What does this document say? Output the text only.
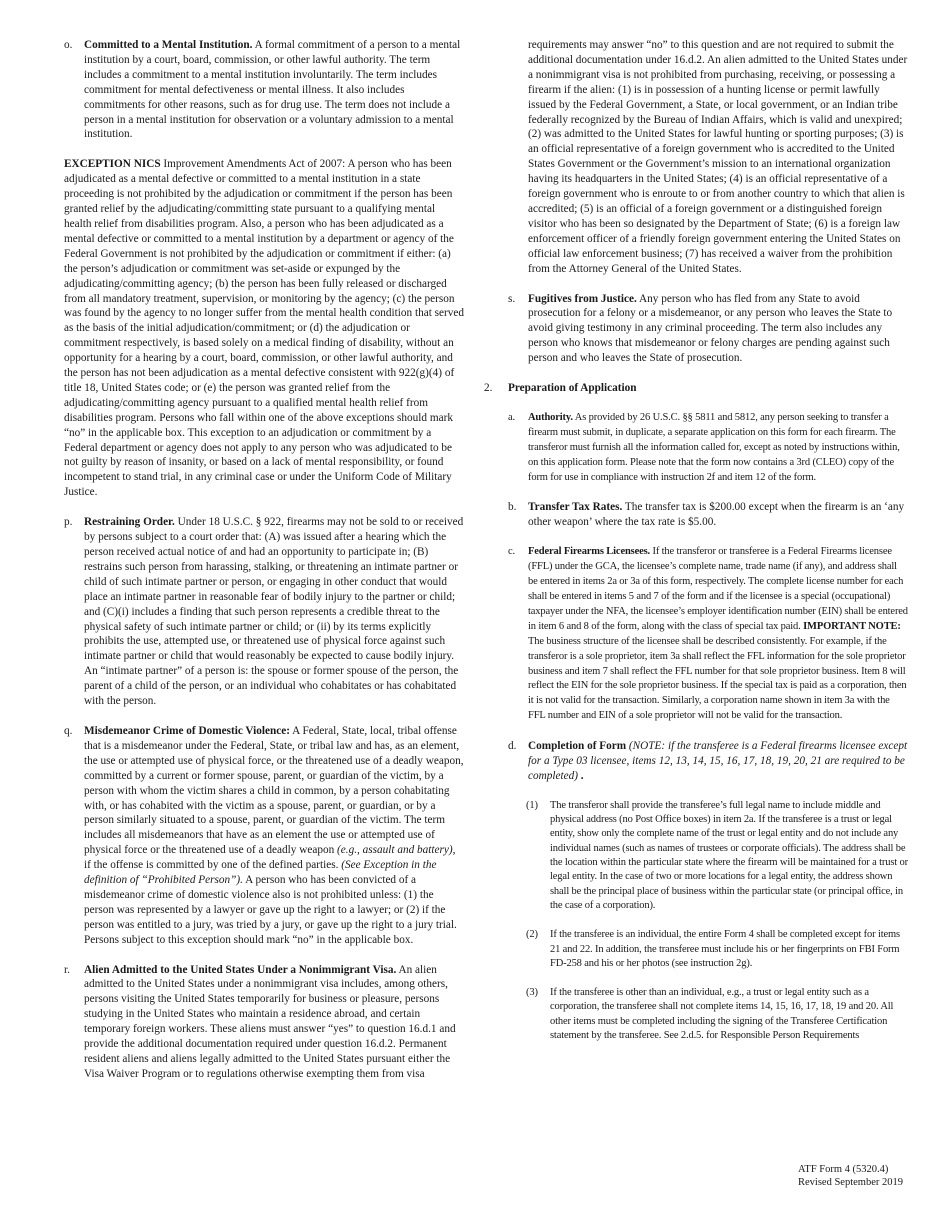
o. Committed to a Mental Institution. A formal commitment of a person to a mental institution by a court, board, commission, or other lawful authority. The term includes a commitment to a mental institution involuntarily. The term includes commitment for mental defectiveness or mental illness. It also includes commitments for other reasons, such as for drug use. The term does not include a person in a mental institution for observation or a voluntary admission to a mental institution.

EXCEPTION NICS Improvement Amendments Act of 2007: A person who has been adjudicated as a mental defective or committed to a mental institution in a state proceeding is not prohibited by the adjudication or commitment if the person has been granted relief by the adjudicating/committing state pursuant to a qualifying mental health relief from disabilities program. Also, a person who has been adjudicated as a mental defective or committed to a mental institution by a department or agency of the Federal Government is not prohibited by the adjudication or commitment if either: (a) the person’s adjudication or commitment was set-aside or expunged by the adjudicating/committing agency; (b) the person has been fully released or discharged from all mandatory treatment, supervision, or monitoring by the agency; (c) the person was found by the agency to no longer suffer from the mental health condition that served as the basis of the initial adjudication/commitment; or (d) the adjudication or commitment respectively, is based solely on a medical finding of disability, without an opportunity for a hearing by a court, board, commission, or other lawful authority, and the person has not been adjudication as a mental defective consistent with 922(g)(4) of title 18, United States code; or (e) the person was granted relief from the adjudicating/committing agency pursuant to a qualified mental health relief from disabilities program. Persons who fall within one of the above exceptions should mark “no” in the applicable box. This exception to an adjudication or commitment by a Federal department or agency does not apply to any person who was adjudicated to be not guilty by reason of insanity, or based on a lack of mental responsibility, or found incompetent to stand trial, in any criminal case or under the Uniform Code of Military Justice.

p. Restraining Order. Under 18 U.S.C. § 922, firearms may not be sold to or received by persons subject to a court order that: (A) was issued after a hearing which the person received actual notice of and had an opportunity to participate in; (B) restrains such person from harassing, stalking, or threatening an intimate partner or child of such intimate partner or person, or engaging in other conduct that would place an intimate partner in reasonable fear of bodily injury to the partner or child; and (C)(i) includes a finding that such person represents a credible threat to the physical safety of such intimate partner or child; or (ii) by its terms explicitly prohibits the use, attempted use, or threatened use of physical force against such intimate partner or child that would reasonably be expected to cause bodily injury. An “intimate partner” of a person is: the spouse or former spouse of the person, the parent of a child of the person, or an individual who cohabitates or has cohabitated with the person.

q. Misdemeanor Crime of Domestic Violence: A Federal, State, local, tribal offense that is a misdemeanor under the Federal, State, or tribal law and has, as an element, the use or attempted use of physical force, or the threatened use of a deadly weapon, committed by a current or former spouse, parent, or guardian of the victim, by a person with whom the victim shares a child in common, by a person cohabitating with, or has cohabited with the victim as a spouse, parent, or guardian, or by a person similarly situated to a spouse, parent, or guardian of the victim. The term includes all misdemeanors that have as an element the use or attempted use of physical force or the threatened use of a deadly weapon (e.g., assault and battery), if the offense is committed by one of the defined parties. (See Exception in the definition of “Prohibited Person”). A person who has been convicted of a misdemeanor crime of domestic violence also is not prohibited unless: (1) the person was represented by a lawyer or gave up the right to a lawyer; or (2) if the person was entitled to a jury, was tried by a jury, or gave up the right to a jury trial. Persons subject to this exception should mark “no” in the applicable box.

r. Alien Admitted to the United States Under a Nonimmigrant Visa. An alien admitted to the United States under a nonimmigrant visa includes, among others, persons visiting the United States temporarily for business or pleasure, persons studying in the United States who maintain a residence abroad, and certain temporary foreign workers. These aliens must answer “yes” to question 16.d.1 and provide the additional documentation required under question 16.d.2. Permanent resident aliens and aliens legally admitted to the United States pursuant either the Visa Waiver Program or to regulations otherwise exempting them from visa

requirements may answer “no” to this question and are not required to submit the additional documentation under 16.d.2. An alien admitted to the United States under a nonimmigrant visa is not prohibited from purchasing, receiving, or possessing a firearm if the alien: (1) is in possession of a hunting license or permit lawfully issued by the Federal Government, a State, or local government, or an Indian tribe federally recognized by the Bureau of Indian Affairs, which is valid and unexpired; (2) was admitted to the United States for lawful hunting or sporting purposes; (3) is an official representative of a foreign government who is accredited to the United States Government or the Government’s mission to an international organization having its headquarters in the United States; (4) is an official representative of a foreign government who is enroute to or from another country to which that alien is accredited; (5) is an official of a foreign government or a distinguished foreign visitor who has been so designated by the Department of State; (6) is a foreign law enforcement officer of a friendly foreign government entering the United States on official law enforcement business; (7) has received a waiver from the prohibition from the Attorney General of the United States.

s. Fugitives from Justice. Any person who has fled from any State to avoid prosecution for a felony or a misdemeanor, or any person who leaves the State to avoid giving testimony in any criminal proceeding. The term also includes any person who knows that misdemeanor or felony charges are pending against such person and who leaves the State of prosecution.

2. Preparation of Application
a. Authority. As provided by 26 U.S.C. §§ 5811 and 5812, any person seeking to transfer a firearm must submit, in duplicate, a separate application on this form for each firearm. The transferor must furnish all the information called for, except as noted by instructions within, on this application form. Please note that the form now contains a 3rd (CLEO) copy of the form for use in compliance with instruction 2f and item 12 of the form.

b. Transfer Tax Rates. The transfer tax is $200.00 except when the firearm is an ‘any other weapon’ where the tax rate is $5.00.

c. Federal Firearms Licensees. If the transferor or transferee is a Federal Firearms licensee (FFL) under the GCA, the licensee’s complete name, trade name (if any), and address shall be entered in items 2a or 3a of this form, respectively. The complete license number for each shall be entered in items 5 and 7 of the form and if the licensee is a special (occupational) taxpayer under the NFA, the licensee’s employer identification number (EIN) shall be entered in item 6 and 8 of the form, along with the class of special tax paid. IMPORTANT NOTE: The business structure of the licensee shall be described consistently. For example, if the transferor is a sole proprietor, item 3a shall reflect the FFL information for the sole proprietor business and item 7 shall reflect the FFL number for that sole proprietor business. Item 8 will reflect the EIN for the sole proprietor business. If the special tax is paid as a corporation, then it is not valid for the transaction. Similarly, a corporation name shown in item 3a with the FFL number and EIN of a sole proprietor will not be valid for the transaction.

d. Completion of Form (NOTE: if the transferee is a Federal firearms licensee except for a Type 03 licensee, items 12, 13, 14, 15, 16, 17, 18, 19, 20, 21 are required to be completed) .

(1) The transferor shall provide the transferee’s full legal name to include middle and physical address (no Post Office boxes) in item 2a. If the transferee is a trust or legal entity, show only the complete name of the trust or legal entity and do not include any individual names (such as names of trustees or corporate officials). The address shall be the location within the particular state where the firearm will be maintained for a trust or legal entity. In the case of two or more locations for a legal entity, the address shown shall be the principal place of business within the particular state (or principal office, in the case of a corporation).

(2) If the transferee is an individual, the entire Form 4 shall be completed except for items 21 and 22. In addition, the transferee must include his or her fingerprints on FBI Form FD-258 and his or her photos (see instruction 2g).

(3) If the transferee is other than an individual, e.g., a trust or legal entity such as a corporation, the transferee shall not complete items 14, 15, 16, 17, 18, 19 and 20. All other items must be completed including the signing of the Transferee Certification statement by the transferee. See 2.d.5. for Responsible Person Requirements

ATF Form 4 (5320.4)
Revised September 2019
